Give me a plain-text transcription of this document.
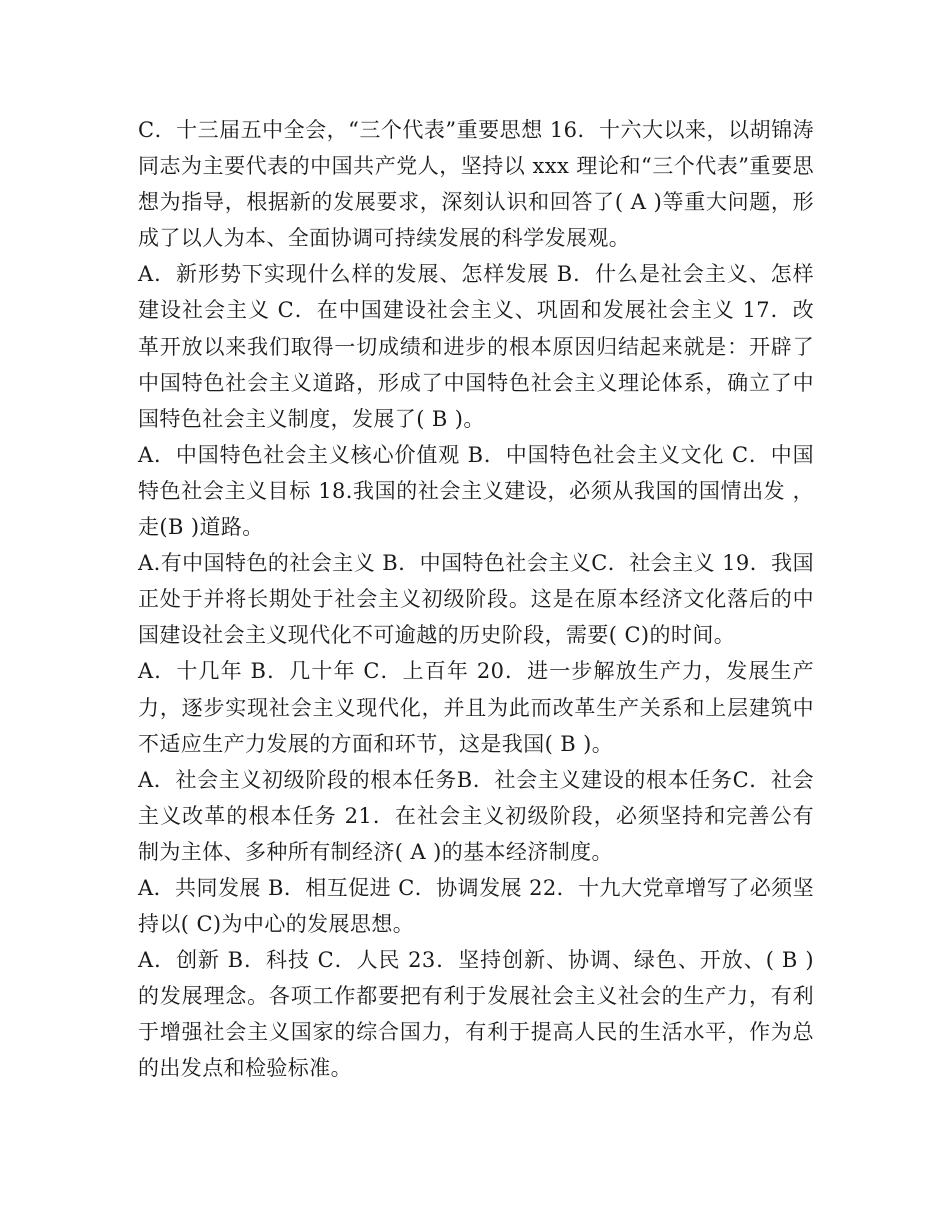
C．十三届五中全会，“三个代表”重要思想 16．十六大以来，以胡锦涛同志为主要代表的中国共产党人，坚持以 xxx 理论和“三个代表”重要思想为指导，根据新的发展要求，深刻认识和回答了( A )等重大问题，形成了以人为本、全面协调可持续发展的科学发展观。

A．新形势下实现什么样的发展、怎样发展 B．什么是社会主义、怎样建设社会主义 C．在中国建设社会主义、巩固和发展社会主义 17．改革开放以来我们取得一切成绩和进步的根本原因归结起来就是：开辟了中国特色社会主义道路，形成了中国特色社会主义理论体系，确立了中国特色社会主义制度，发展了( B )。

A．中国特色社会主义核心价值观 B．中国特色社会主义文化 C．中国特色社会主义目标 18.我国的社会主义建设，必须从我国的国情出发 ，走(B )道路。

A.有中国特色的社会主义 B．中国特色社会主义C．社会主义 19．我国正处于并将长期处于社会主义初级阶段。这是在原本经济文化落后的中国建设社会主义现代化不可逾越的历史阶段，需要( C)的时间。

A．十几年 B．几十年 C．上百年 20．进一步解放生产力，发展生产力，逐步实现社会主义现代化，并且为此而改革生产关系和上层建筑中不适应生产力发展的方面和环节，这是我国( B )。

A．社会主义初级阶段的根本任务B．社会主义建设的根本任务C．社会主义改革的根本任务 21．在社会主义初级阶段，必须坚持和完善公有制为主体、多种所有制经济( A )的基本经济制度。

A．共同发展 B．相互促进 C．协调发展 22．十九大党章增写了必须坚持以( C)为中心的发展思想。

A．创新 B．科技 C．人民 23．坚持创新、协调、绿色、开放、( B )的发展理念。各项工作都要把有利于发展社会主义社会的生产力，有利于增强社会主义国家的综合国力，有利于提高人民的生活水平，作为总的出发点和检验标准。
